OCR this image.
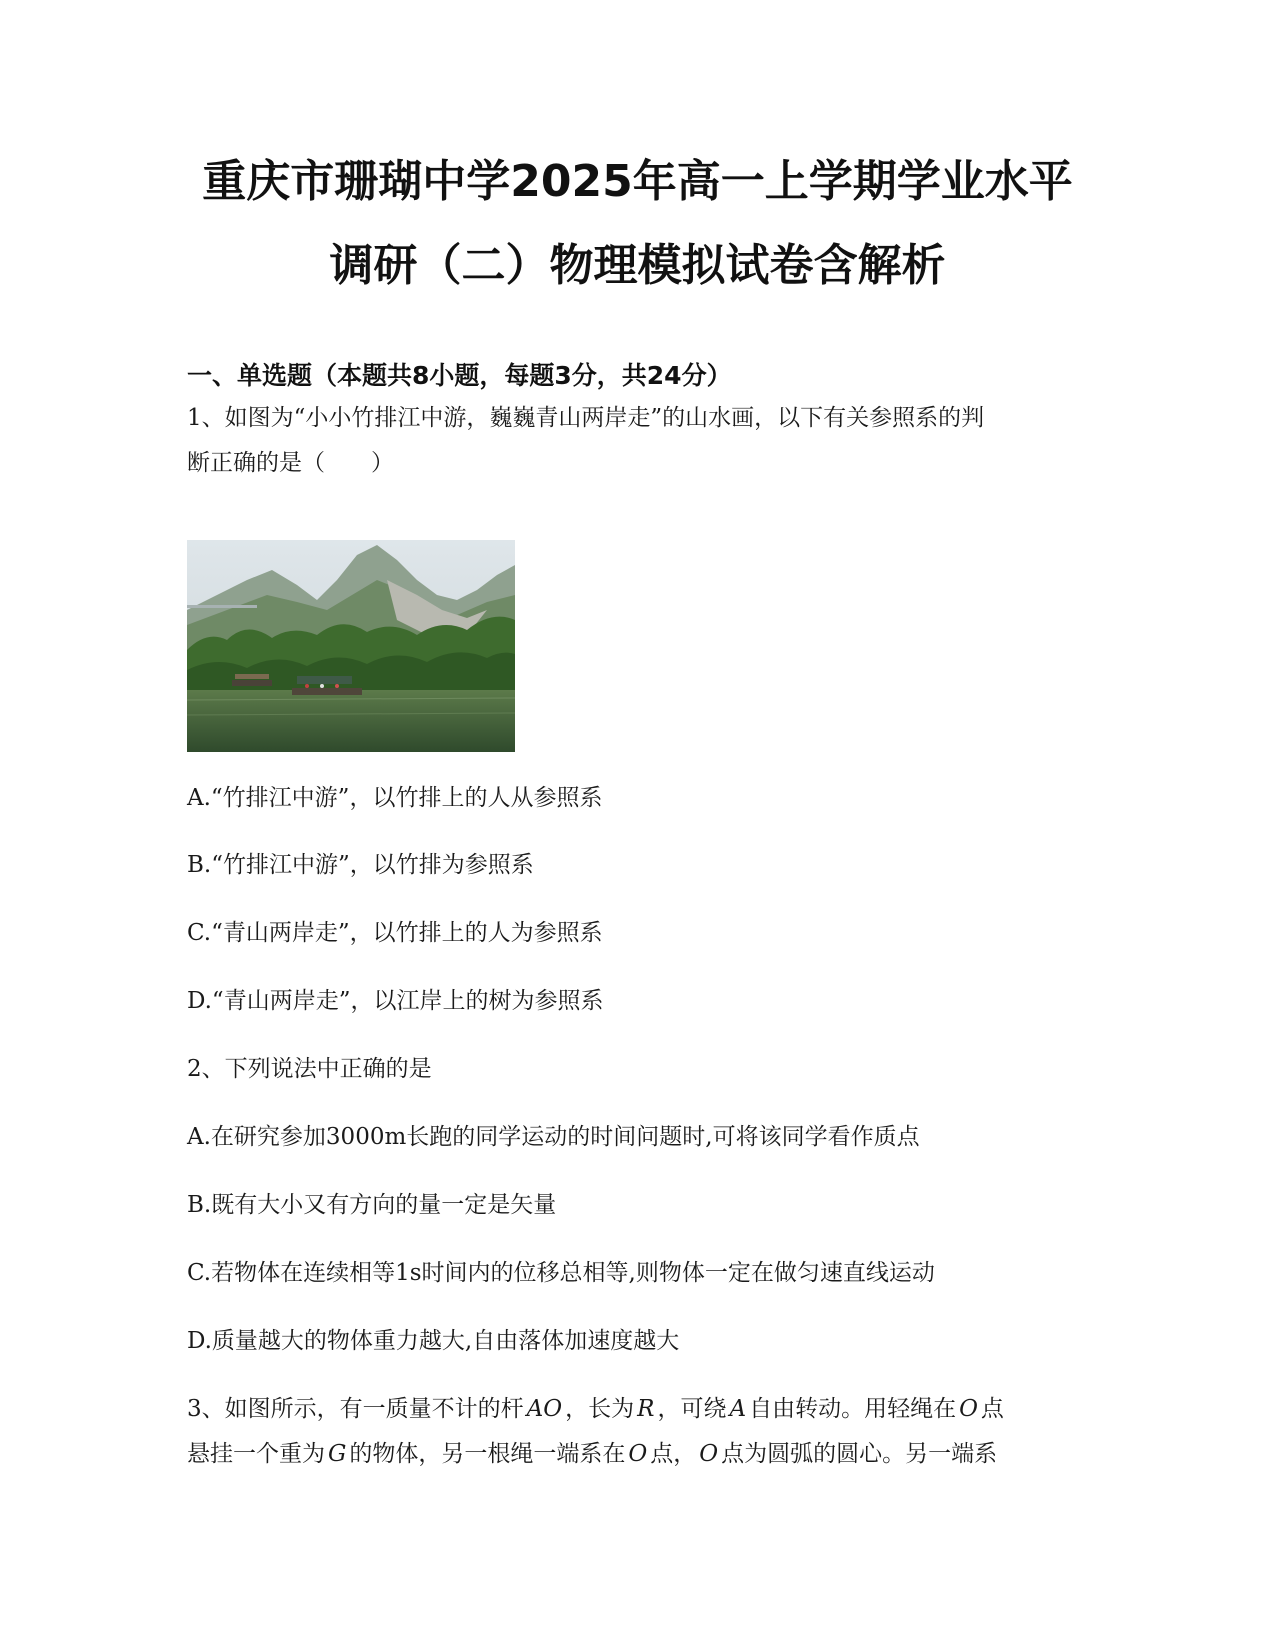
重庆市珊瑚中学2025年高一上学期学业水平
调研（二）物理模拟试卷含解析
一、单选题（本题共8小题，每题3分，共24分）
1、如图为“小小竹排江中游，巍巍青山两岸走”的山水画，以下有关参照系的判
断正确的是（　　）
A.“竹排江中游”，以竹排上的人从参照系
B.“竹排江中游”，以竹排为参照系
C.“青山两岸走”，以竹排上的人为参照系
D.“青山两岸走”，以江岸上的树为参照系
2、下列说法中正确的是
A.在研究参加3000m长跑的同学运动的时间问题时,可将该同学看作质点
B.既有大小又有方向的量一定是矢量
C.若物体在连续相等1s时间内的位移总相等,则物体一定在做匀速直线运动
D.质量越大的物体重力越大,自由落体加速度越大
3、如图所示，有一质量不计的杆 AO ，长为 R ，可绕 A 自由转动。用轻绳在 O 点
悬挂一个重为 G 的物体，另一根绳一端系在 O 点， O 点为圆弧的圆心。另一端系
